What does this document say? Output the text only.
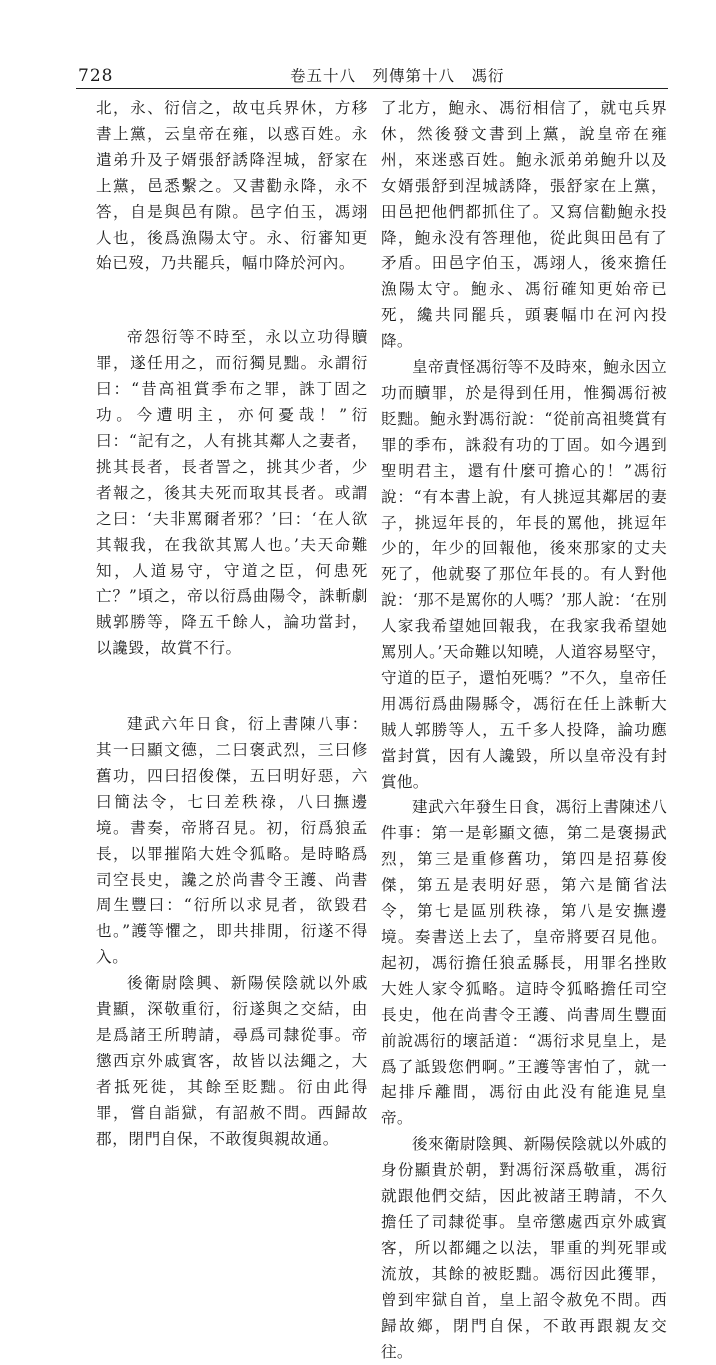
728	卷五十八　列傳第十八　馮衍

北，永、衍信之，故屯兵界休，方移書上黨，云皇帝在雍，以惑百姓。永遣弟升及子婿張舒誘降涅城，舒家在上黨，邑悉繫之。又書勸永降，永不答，自是與邑有隙。邑字伯玉，馮翊人也，後爲漁陽太守。永、衍審知更始已歿，乃共罷兵，幅巾降於河內。

帝怨衍等不時至，永以立功得贖罪，遂任用之，而衍獨見黜。永謂衍曰：“昔高祖賞季布之罪，誅丁固之功。今遭明主，亦何憂哉！”衍曰：“記有之，人有挑其鄰人之妻者，挑其長者，長者詈之，挑其少者，少者報之，後其夫死而取其長者。或謂之曰：‘夫非罵爾者邪？’曰：‘在人欲其報我，在我欲其罵人也。’夫天命難知，人道易守，守道之臣，何患死亡？”頃之，帝以衍爲曲陽令，誅斬劇賊郭勝等，降五千餘人，論功當封，以讒毀，故賞不行。

建武六年日食，衍上書陳八事：其一曰顯文德，二曰褒武烈，三曰修舊功，四曰招俊傑，五曰明好惡，六曰簡法令，七曰差秩祿，八曰撫邊境。書奏，帝將召見。初，衍爲狼孟長，以罪摧陷大姓令狐略。是時略爲司空長史，讒之於尚書令王護、尚書周生豐曰：“衍所以求見者，欲毀君也。”護等懼之，即共排閒，衍遂不得入。

後衛尉陰興、新陽侯陰就以外戚貴顯，深敬重衍，衍遂與之交結，由是爲諸王所聘請，尋爲司隸從事。帝懲西京外戚賓客，故皆以法繩之，大者抵死徙，其餘至貶黜。衍由此得罪，嘗自詣獄，有詔赦不問。西歸故郡，閉門自保，不敢復與親故通。

了北方，鮑永、馮衍相信了，就屯兵界休，然後發文書到上黨，說皇帝在雍州，來迷惑百姓。鮑永派弟弟鮑升以及女婿張舒到涅城誘降，張舒家在上黨，田邑把他們都抓住了。又寫信勸鮑永投降，鮑永没有答理他，從此與田邑有了矛盾。田邑字伯玉，馮翊人，後來擔任漁陽太守。鮑永、馮衍確知更始帝已死，纔共同罷兵，頭裹幅巾在河內投降。

皇帝責怪馮衍等不及時來，鮑永因立功而贖罪，於是得到任用，惟獨馮衍被貶黜。鮑永對馮衍說：“從前高祖獎賞有罪的季布，誅殺有功的丁固。如今遇到聖明君主，還有什麼可擔心的！”馮衍說：“有本書上說，有人挑逗其鄰居的妻子，挑逗年長的，年長的罵他，挑逗年少的，年少的回報他，後來那家的丈夫死了，他就娶了那位年長的。有人對他說：‘那不是罵你的人嗎？’那人說：‘在別人家我希望她回報我，在我家我希望她罵別人。’天命難以知曉，人道容易堅守，守道的臣子，還怕死嗎？”不久，皇帝任用馮衍爲曲陽縣令，馮衍在任上誅斬大賊人郭勝等人，五千多人投降，論功應當封賞，因有人讒毀，所以皇帝没有封賞他。

建武六年發生日食，馮衍上書陳述八件事：第一是彰顯文德，第二是褒揚武烈，第三是重修舊功，第四是招募俊傑，第五是表明好惡，第六是簡省法令，第七是區別秩祿，第八是安撫邊境。奏書送上去了，皇帝將要召見他。起初，馮衍擔任狼孟縣長，用罪名挫敗大姓人家令狐略。這時令狐略擔任司空長史，他在尚書令王護、尚書周生豐面前說馮衍的壞話道：“馮衍求見皇上，是爲了詆毀您們啊。”王護等害怕了，就一起排斥離間，馮衍由此没有能進見皇帝。

後來衛尉陰興、新陽侯陰就以外戚的身份顯貴於朝，對馮衍深爲敬重，馮衍就跟他們交結，因此被諸王聘請，不久擔任了司隸從事。皇帝懲處西京外戚賓客，所以都繩之以法，罪重的判死罪或流放，其餘的被貶黜。馮衍因此獲罪，曾到牢獄自首，皇上詔令赦免不問。西歸故鄉，閉門自保，不敢再跟親友交往。
